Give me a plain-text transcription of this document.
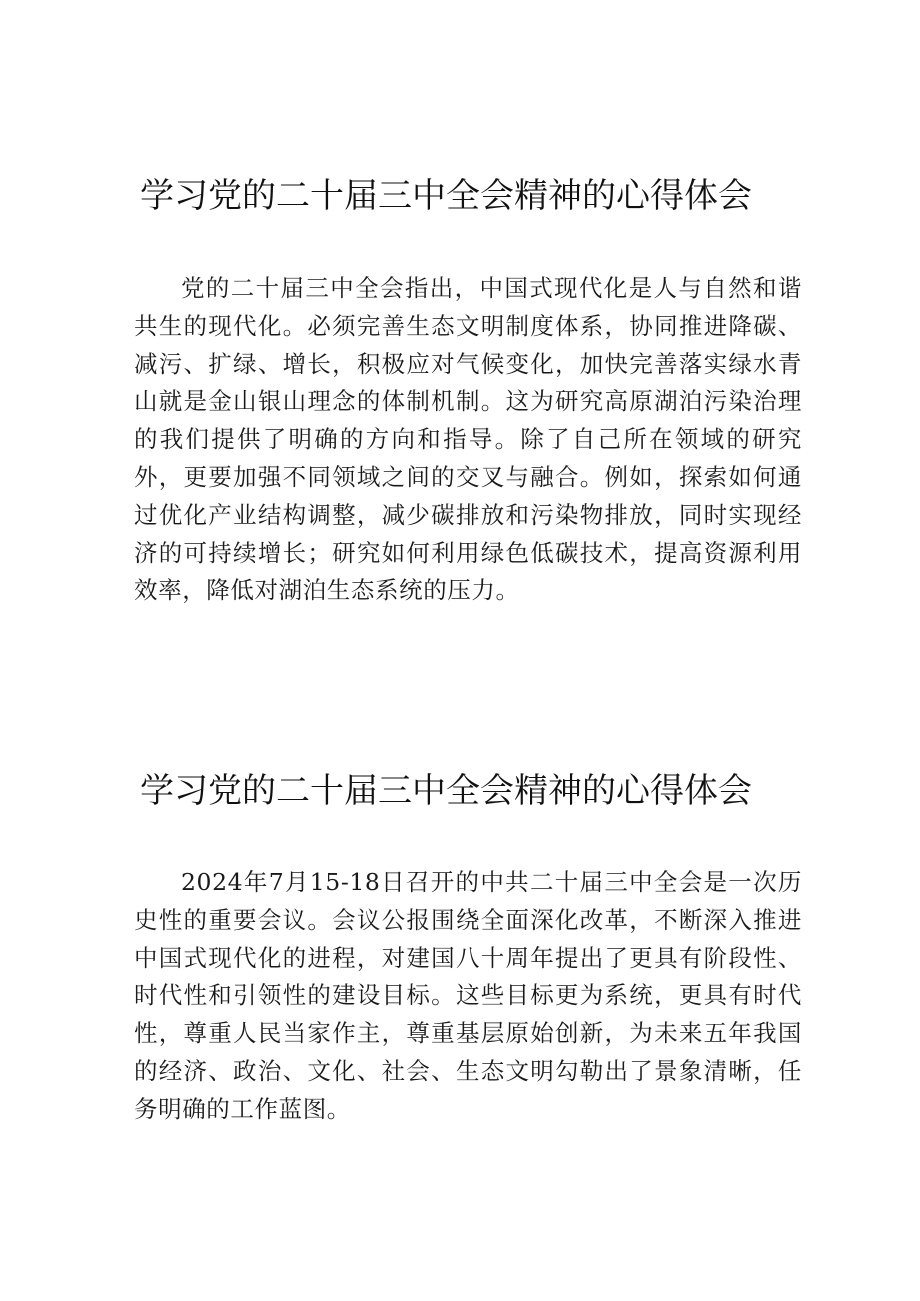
学习党的二十届三中全会精神的心得体会

党的二十届三中全会指出，中国式现代化是人与自然和谐共生的现代化。必须完善生态文明制度体系，协同推进降碳、减污、扩绿、增长，积极应对气候变化，加快完善落实绿水青山就是金山银山理念的体制机制。这为研究高原湖泊污染治理的我们提供了明确的方向和指导。除了自己所在领域的研究外，更要加强不同领域之间的交叉与融合。例如，探索如何通过优化产业结构调整，减少碳排放和污染物排放，同时实现经济的可持续增长；研究如何利用绿色低碳技术，提高资源利用效率，降低对湖泊生态系统的压力。

学习党的二十届三中全会精神的心得体会

2024年7月15-18日召开的中共二十届三中全会是一次历史性的重要会议。会议公报围绕全面深化改革，不断深入推进中国式现代化的进程，对建国八十周年提出了更具有阶段性、时代性和引领性的建设目标。这些目标更为系统，更具有时代性，尊重人民当家作主，尊重基层原始创新，为未来五年我国的经济、政治、文化、社会、生态文明勾勒出了景象清晰，任务明确的工作蓝图。
